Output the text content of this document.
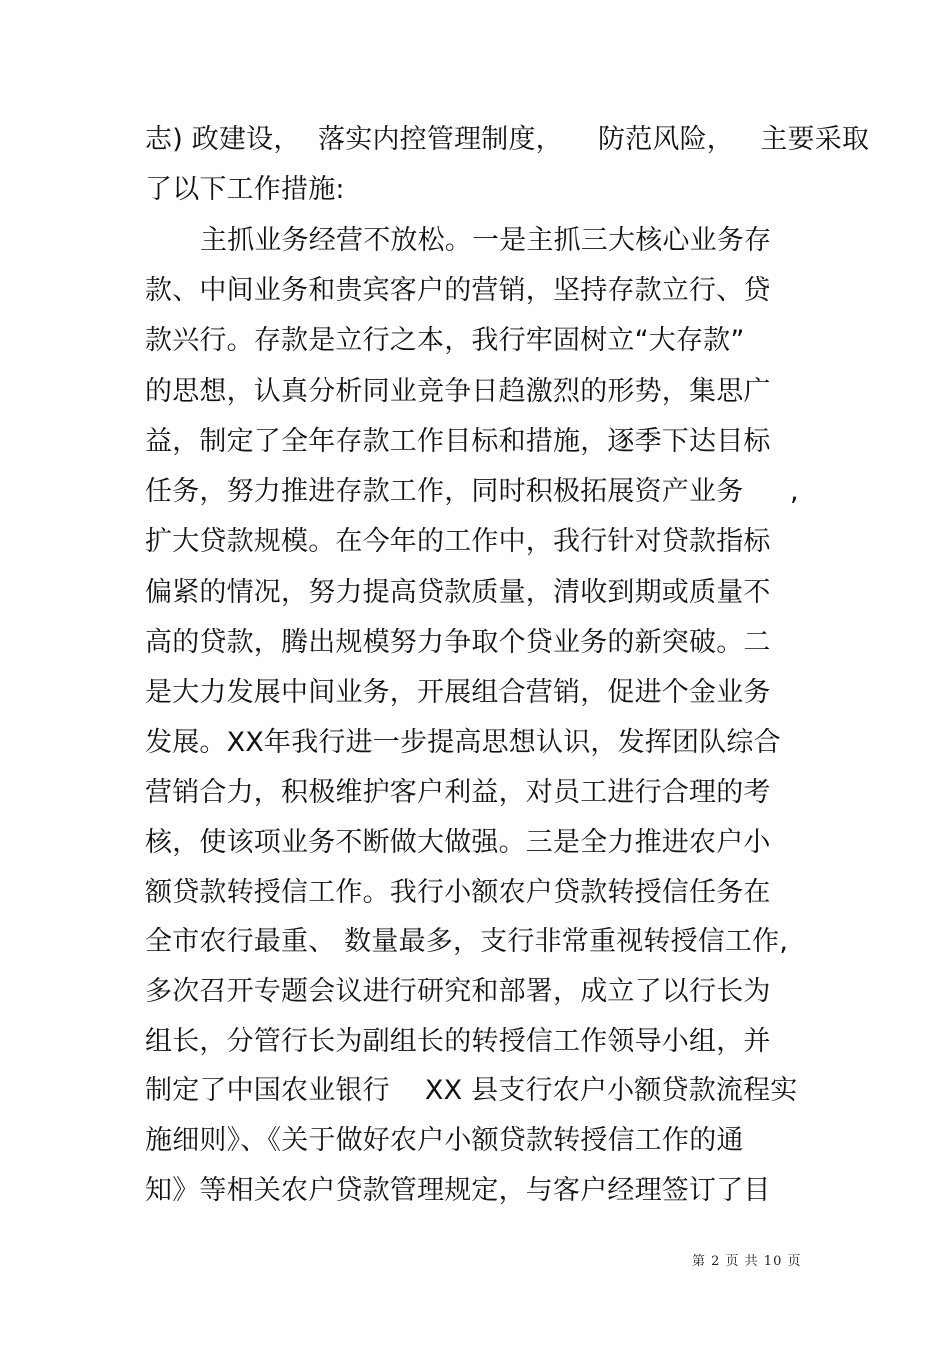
志) 政建设，  落实内控管理制度，    防范风险，   主要采取
了以下工作措施:
主抓业务经营不放松。一是主抓三大核心业务存
款、中间业务和贵宾客户的营销，坚持存款立行、贷
款兴行。存款是立行之本，我行牢固树立“大存款”
的思想，认真分析同业竞争日趋激烈的形势，集思广
益，制定了全年存款工作目标和措施，逐季下达目标
任务，努力推进存款工作，同时积极拓展资产业务 ,
扩大贷款规模。在今年的工作中，我行针对贷款指标
偏紧的情况，努力提高贷款质量，清收到期或质量不
高的贷款，腾出规模努力争取个贷业务的新突破。二
是大力发展中间业务，开展组合营销，促进个金业务
发展。XX年我行进一步提高思想认识，发挥团队综合
营销合力，积极维护客户利益，对员工进行合理的考
核，使该项业务不断做大做强。三是全力推进农户小
额贷款转授信工作。我行小额农户贷款转授信任务在
全市农行最重、 数量最多，支行非常重视转授信工作,
多次召开专题会议进行研究和部署，成立了以行长为
组长，分管行长为副组长的转授信工作领导小组，并
制定了中国农业银行    XX 县支行农户小额贷款流程实
施细则》、《关于做好农户小额贷款转授信工作的通
知》等相关农户贷款管理规定，与客户经理签订了目
第 2 页 共 10 页
